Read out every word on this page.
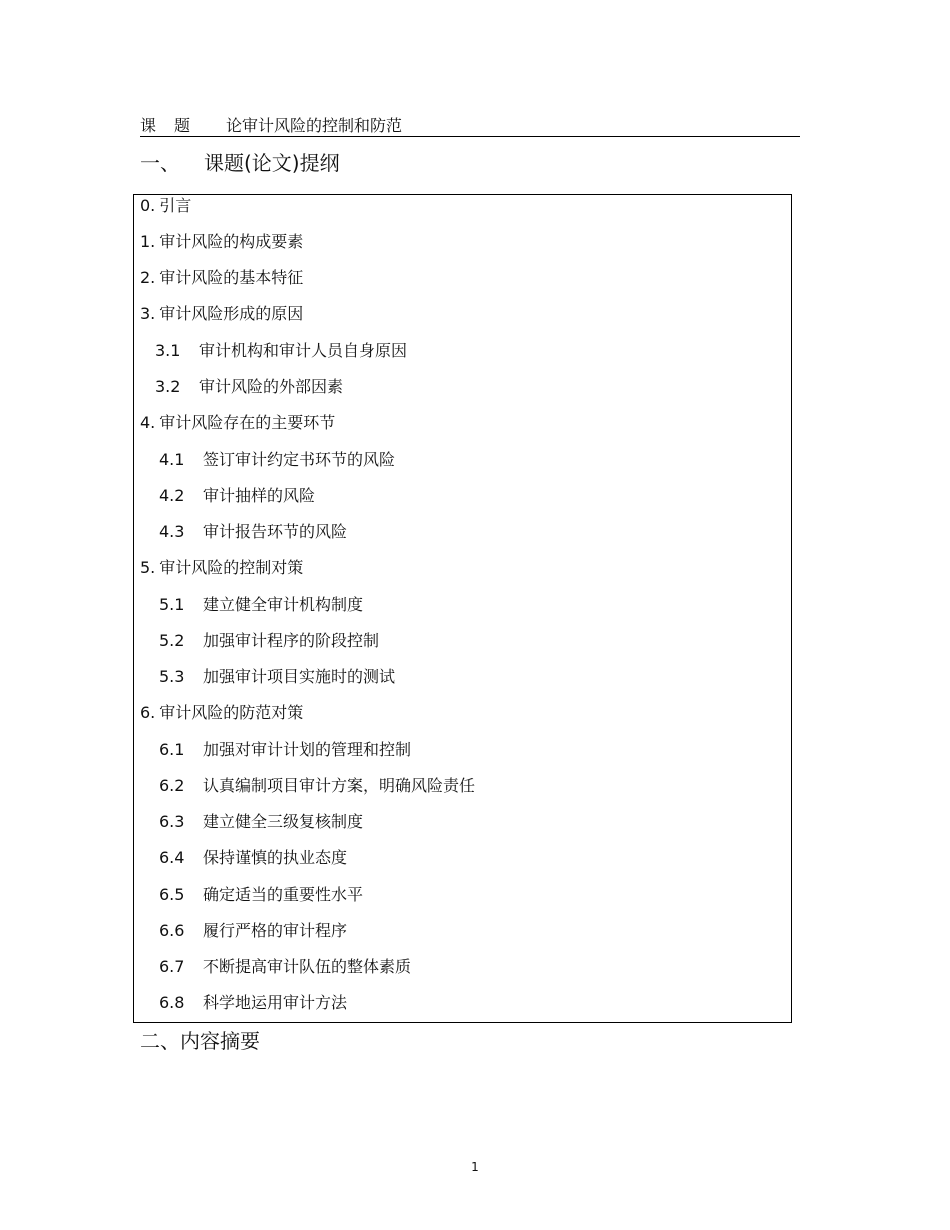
课题 论审计风险的控制和防范
一、 课题(论文)提纲
0. 引言
1. 审计风险的构成要素
2. 审计风险的基本特征
3. 审计风险形成的原因
3.1 审计机构和审计人员自身原因
3.2 审计风险的外部因素
4. 审计风险存在的主要环节
4.1 签订审计约定书环节的风险
4.2 审计抽样的风险
4.3 审计报告环节的风险
5. 审计风险的控制对策
5.1 建立健全审计机构制度
5.2 加强审计程序的阶段控制
5.3 加强审计项目实施时的测试
6. 审计风险的防范对策
6.1 加强对审计计划的管理和控制
6.2 认真编制项目审计方案，明确风险责任
6.3 建立健全三级复核制度
6.4 保持谨慎的执业态度
6.5 确定适当的重要性水平
6.6 履行严格的审计程序
6.7 不断提高审计队伍的整体素质
6.8 科学地运用审计方法
二、内容摘要
1
